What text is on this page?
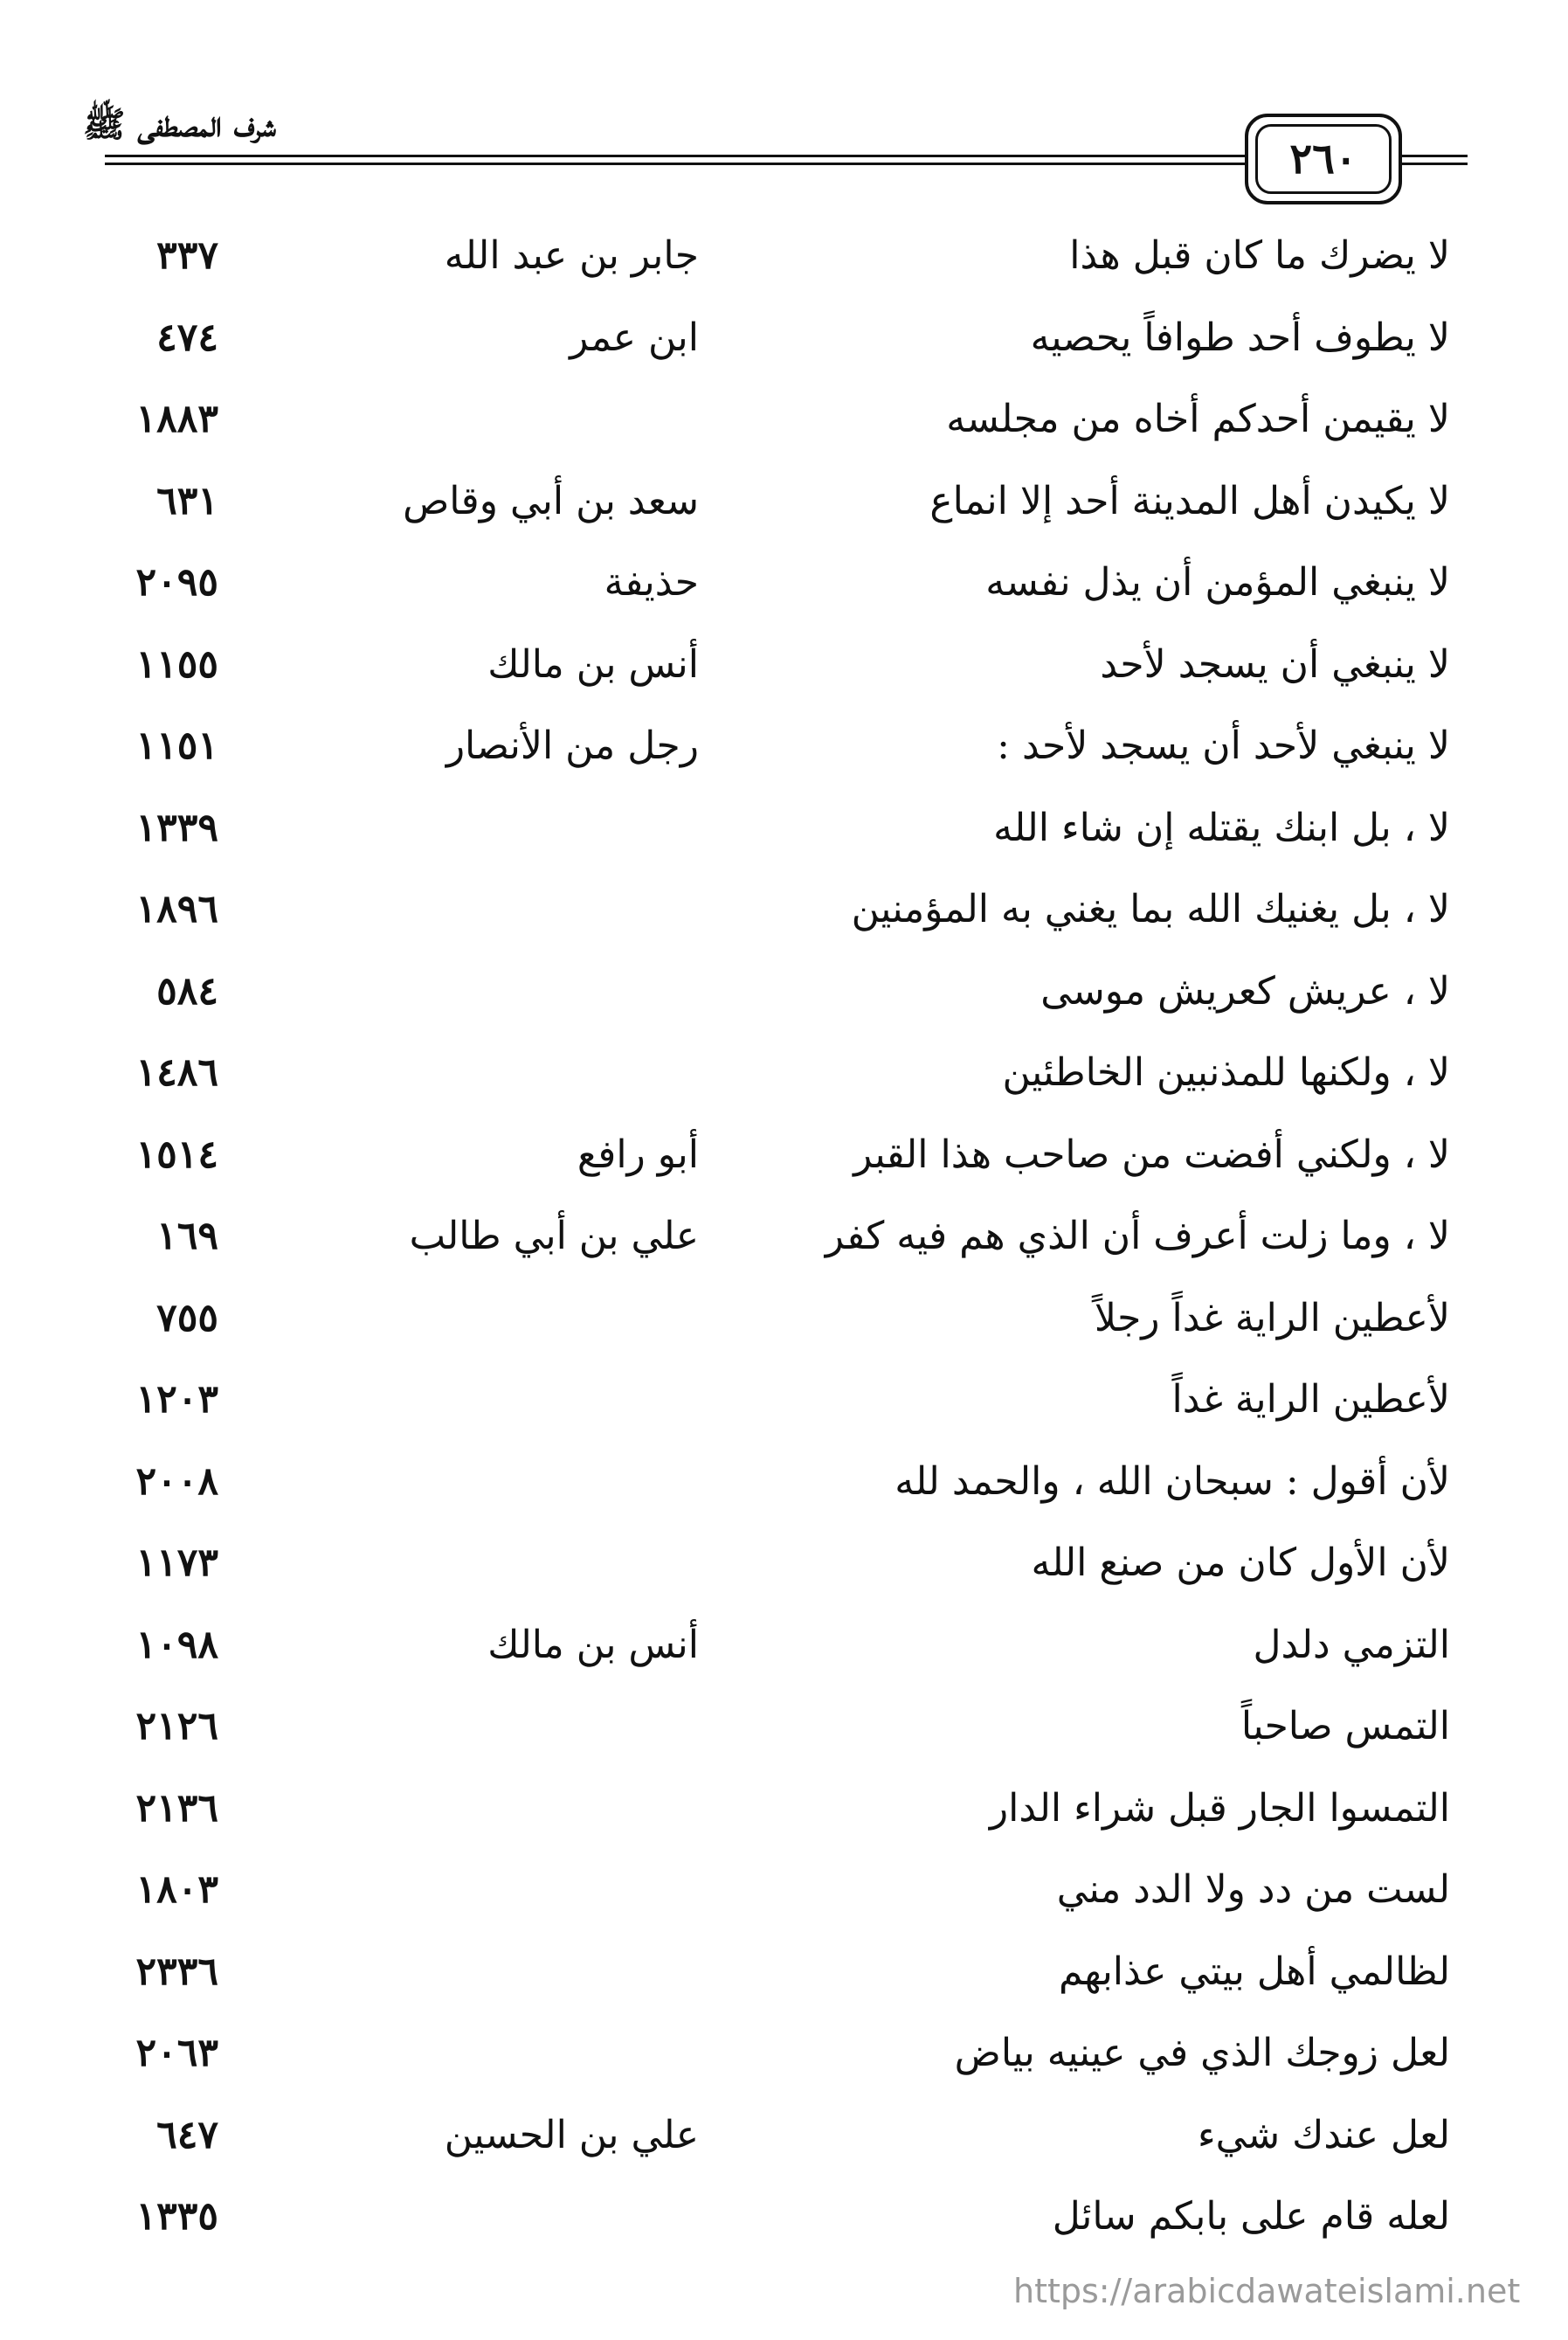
شرف المصطفى ﷺ
٢٦٠
لا يضرك ما كان قبل هذا
جابر بن عبد الله
٣٣٧
لا يطوف أحد طوافاً يحصيه
ابن عمر
٤٧٤
لا يقيمن أحدكم أخاه من مجلسه
١٨٨٣
لا يكيدن أهل المدينة أحد إلا انماع
سعد بن أبي وقاص
٦٣١
لا ينبغي المؤمن أن يذل نفسه
حذيفة
٢٠٩٥
لا ينبغي أن يسجد لأحد
أنس بن مالك
١١٥٥
لا ينبغي لأحد أن يسجد لأحد :
رجل من الأنصار
١١٥١
لا ، بل ابنك يقتله إن شاء الله
١٣٣٩
لا ، بل يغنيك الله بما يغني به المؤمنين
١٨٩٦
لا ، عريش كعريش موسى
٥٨٤
لا ، ولكنها للمذنبين الخاطئين
١٤٨٦
لا ، ولكني أفضت من صاحب هذا القبر
أبو رافع
١٥١٤
لا ، وما زلت أعرف أن الذي هم فيه كفر
علي بن أبي طالب
١٦٩
لأعطين الراية غداً رجلاً
٧٥٥
لأعطين الراية غداً
١٢٠٣
لأن أقول : سبحان الله ، والحمد لله
٢٠٠٨
لأن الأول كان من صنع الله
١١٧٣
التزمي دلدل
أنس بن مالك
١٠٩٨
التمس صاحباً
٢١٢٦
التمسوا الجار قبل شراء الدار
٢١٣٦
لست من دد ولا الدد مني
١٨٠٣
لظالمي أهل بيتي عذابهم
٢٣٣٦
لعل زوجك الذي في عينيه بياض
٢٠٦٣
لعل عندك شيء
علي بن الحسين
٦٤٧
لعله قام على بابكم سائل
١٣٣٥
https://arabicdawateislami.net
